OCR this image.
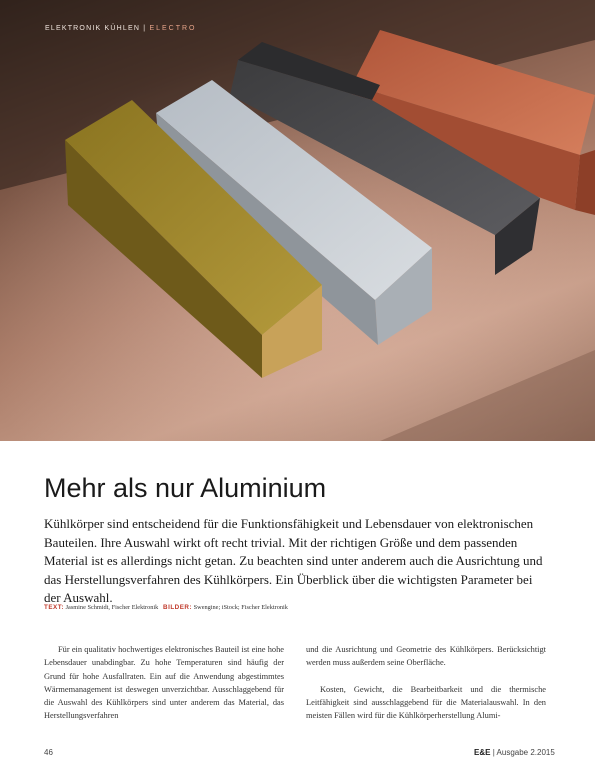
ELEKTRONIK KÜHLEN | ELECTRO
Mehr als nur Aluminium

Kühlkörper sind entscheidend für die Funktionsfähigkeit und Lebensdauer von elektronischen Bauteilen. Ihre Auswahl wirkt oft recht trivial. Mit der richtigen Größe und dem passenden Material ist es allerdings nicht getan. Zu beachten sind unter anderem auch die Ausrichtung und das Herstellungsverfahren des Kühlkörpers. Ein Überblick über die wichtigsten Parameter bei der Auswahl.

TEXT: Jasmine Schmidt, Fischer Elektronik BILDER: Swengine; iStock; Fischer Elektronik

Für ein qualitativ hochwertiges elektronisches Bauteil ist eine hohe Lebensdauer unabdingbar. Zu hohe Temperaturen sind häufig der Grund für hohe Ausfallraten. Ein auf die Anwendung abgestimmtes Wärmemanagement ist deswegen unverzichtbar. Ausschlaggebend für die Auswahl des Kühlkörpers sind unter anderem das Material, das Herstellungsverfahren

und die Ausrichtung und Geometrie des Kühlkörpers. Berücksichtigt werden muss außerdem seine Oberfläche.
Kosten, Gewicht, die Bearbeitbarkeit und die thermische Leitfähigkeit sind ausschlaggebend für die Materialauswahl. In den meisten Fällen wird für die Kühlkörperherstellung Alumi-
46	E&E | Ausgabe 2.2015
